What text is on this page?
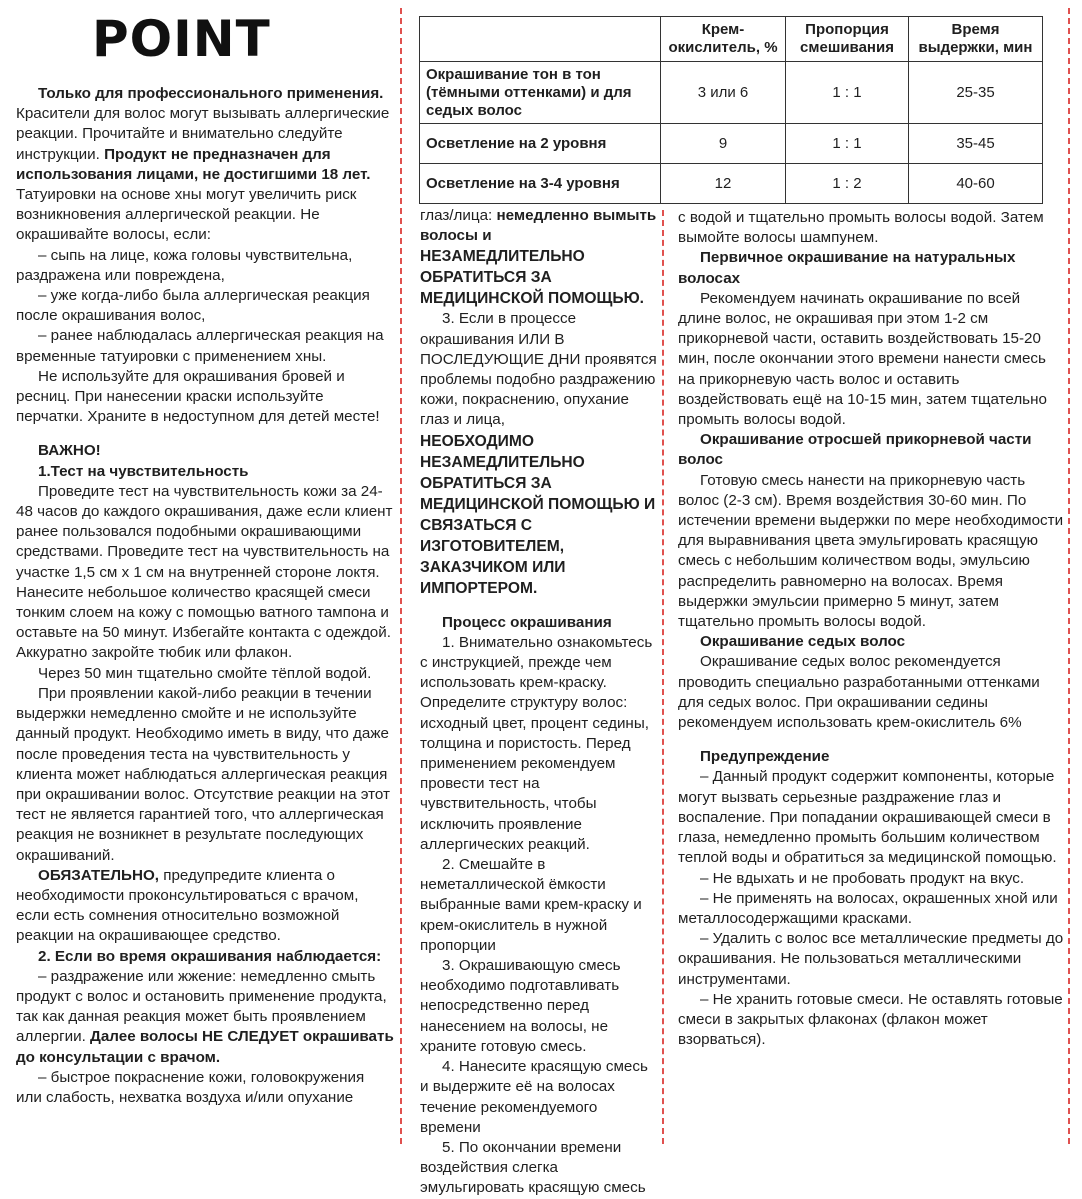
POINT
		Крем-окислитель, %	Пропорция смешивания	Время выдержки, мин
Окрашивание тон в тон (тёмными оттенками) и для седых волос	3 или 6	1 : 1	25-35
Осветление на 2 уровня	9	1 : 1	35-45
Осветление на 3-4 уровня	12	1 : 2	40-60

Только для профессионального применения.

Красители для волос могут вызывать аллергические реакции. Прочитайте и внимательно следуйте инструкции. Продукт не предназначен для использования лицами, не достигшими 18 лет.

Татуировки на основе хны могут увеличить риск возникновения аллергической реакции. Не окрашивайте волосы, если:

– сыпь на лице, кожа головы чувствительна, раздражена или повреждена,

– уже когда-либо была аллергическая реакция после окрашивания волос,

– ранее наблюдалась аллергическая реакция на временные татуировки с применением хны.

Не используйте для окрашивания бровей и ресниц. При нанесении краски используйте перчатки. Храните в недоступном для детей месте!

ВАЖНО!

1.Тест на чувствительность

Проведите тест на чувствительность кожи за 24-48 часов до каждого окрашивания, даже если клиент ранее пользовался подобными окрашивающими средствами. Проведите тест на чувствительность на участке 1,5 см х 1 см на внутренней стороне локтя. Нанесите небольшое количество красящей смеси тонким слоем на кожу с помощью ватного тампона и оставьте на 50 минут. Избегайте контакта с одеждой. Аккуратно закройте тюбик или флакон.

Через 50 мин тщательно смойте тёплой водой.

При проявлении какой-либо реакции в течении выдержки немедленно смойте и не используйте данный продукт. Необходимо иметь в виду, что даже после проведения теста на чувствительность у клиента может наблюдаться аллергическая реакция при окрашивании волос. Отсутствие реакции на этот тест не является гарантией того, что аллергическая реакция не возникнет в результате последующих окрашиваний.

ОБЯЗАТЕЛЬНО, предупредите клиента о необходимости проконсультироваться с врачом, если есть сомнения относительно возможной реакции на окрашивающее средство.

2. Если во время окрашивания наблюдается:

– раздражение или жжение: немедленно смыть продукт с волос и остановить применение продукта, так как данная реакция может быть проявлением аллергии. Далее волосы НЕ СЛЕДУЕТ окрашивать до консультации с врачом.

– быстрое покраснение кожи, головокружения или слабость, нехватка воздуха и/или опухание

глаз/лица: немедленно вымыть волосы и

НЕЗАМЕДЛИТЕЛЬНО ОБРАТИТЬСЯ ЗА МЕДИЦИНСКОЙ ПОМОЩЬЮ.

3. Если в процессе окрашивания ИЛИ В ПОСЛЕДУЮЩИЕ ДНИ проявятся проблемы подобно раздражению кожи, покраснению, опухание глаз и лица,

НЕОБХОДИМО НЕЗАМЕДЛИТЕЛЬНО ОБРАТИТЬСЯ ЗА МЕДИЦИНСКОЙ ПОМОЩЬЮ И СВЯЗАТЬСЯ С ИЗГОТОВИТЕЛЕМ, ЗАКАЗЧИКОМ ИЛИ ИМПОРТЕРОМ.

Процесс окрашивания

1. Внимательно ознакомьтесь с инструкцией, прежде чем использовать крем-краску. Определите структуру волос: исходный цвет, процент седины, толщина и пористость. Перед применением рекомендуем провести тест на чувствительность, чтобы исключить проявление аллергических реакций.

2. Смешайте в неметаллической ёмкости выбранные вами крем-краску и крем-окислитель в нужной пропорции

3. Окрашивающую смесь необходимо подготавливать непосредственно перед нанесением на волосы, не храните готовую смесь.

4. Нанесите красящую смесь и выдержите её на волосах течение рекомендуемого времени

5. По окончании времени воздействия слегка эмульгировать красящую смесь

с водой и тщательно промыть волосы водой. Затем вымойте волосы шампунем.

Первичное окрашивание на натуральных волосах

Рекомендуем начинать окрашивание по всей длине волос, не окрашивая при этом 1-2 см прикорневой части, оставить воздействовать 15-20 мин, после окончании этого времени нанести смесь на прикорневую часть волос и оставить воздействовать ещё на 10-15 мин, затем тщательно промыть волосы водой.

Окрашивание отросшей прикорневой части волос

Готовую смесь нанести на прикорневую часть волос (2-3 см). Время воздействия 30-60 мин. По истечении времени выдержки по мере необходимости для выравнивания цвета эмульгировать красящую смесь с небольшим количеством воды, эмульсию распределить равномерно на волосах. Время выдержки эмульсии примерно 5 минут, затем тщательно промыть волосы водой.

Окрашивание седых волос

Окрашивание седых волос рекомендуется проводить специально разработанными оттенками для седых волос. При окрашивании седины рекомендуем использовать крем-окислитель 6%

Предупреждение

– Данный продукт содержит компоненты, которые могут вызвать серьезные раздражение глаз и воспаление. При попадании окрашивающей смеси в глаза, немедленно промыть большим количеством теплой воды и обратиться за медицинской помощью.

– Не вдыхать и не пробовать продукт на вкус.

– Не применять на волосах, окрашенных хной или металлосодержащими красками.

– Удалить с волос все металлические предметы до окрашивания. Не пользоваться металлическими инструментами.

– Не хранить готовые смеси. Не оставлять готовые смеси в закрытых флаконах (флакон может взорваться).
